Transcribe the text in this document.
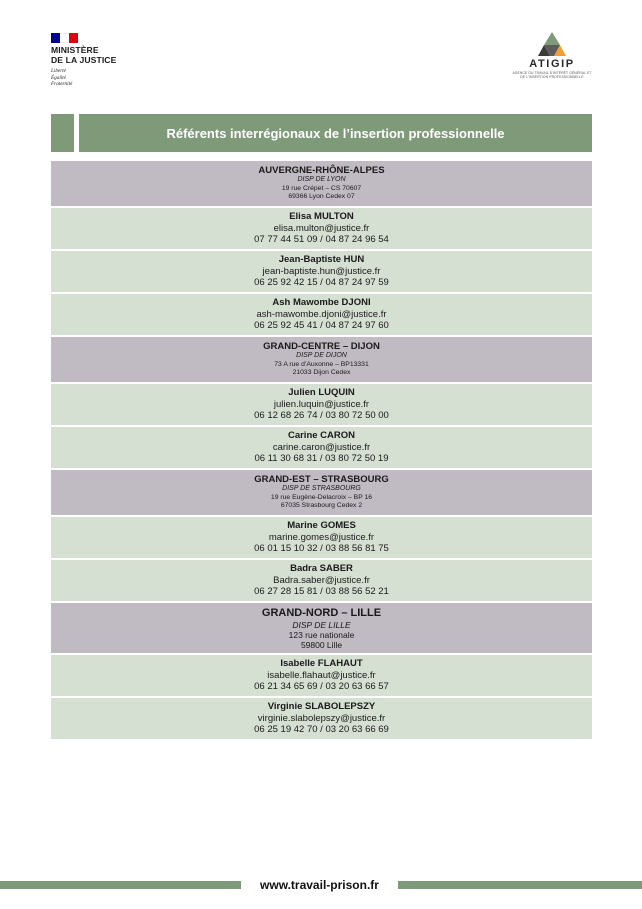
MINISTÈRE
DE LA JUSTICE
Liberté
Égalité
Fraternité
ATIGIP
AGENCE DU TRAVAIL D'INTÉRÊT GÉNÉRAL ET DE L'INSERTION PROFESSIONNELLE
Référents interrégionaux de l’insertion professionnelle
AUVERGNE-RHÔNE-ALPES
DISP DE LYON
19 rue Crépet – CS 70607
69366 Lyon Cedex 07
Elisa MULTON
elisa.multon@justice.fr
07 77 44 51 09 / 04 87 24 96 54
Jean-Baptiste HUN
jean-baptiste.hun@justice.fr
06 25 92 42 15 / 04 87 24 97 59
Ash Mawombe DJONI
ash-mawombe.djoni@justice.fr
06 25 92 45 41 / 04 87 24 97 60
GRAND-CENTRE – DIJON
DISP DE DIJON
73 A rue d’Auxonne – BP13331
21033 Dijon Cedex
Julien LUQUIN
julien.luquin@justice.fr
06 12 68 26 74 / 03 80 72 50 00
Carine CARON
carine.caron@justice.fr
06 11 30 68 31 / 03 80 72 50 19
GRAND-EST – STRASBOURG
DISP DE STRASBOURG
19 rue Eugène-Delacroix – BP 16
67035 Strasbourg Cedex 2
Marine GOMES
marine.gomes@justice.fr
06 01 15 10 32 / 03 88 56 81 75
Badra SABER
Badra.saber@justice.fr
06 27 28 15 81 / 03 88 56 52 21
GRAND-NORD – LILLE
DISP DE LILLE
123 rue nationale
59800 Lille
Isabelle FLAHAUT
isabelle.flahaut@justice.fr
06 21 34 65 69 / 03 20 63 66 57
Virginie SLABOLEPSZY
virginie.slabolepszy@justice.fr
06 25 19 42 70 / 03 20 63 66 69
www.travail-prison.fr
